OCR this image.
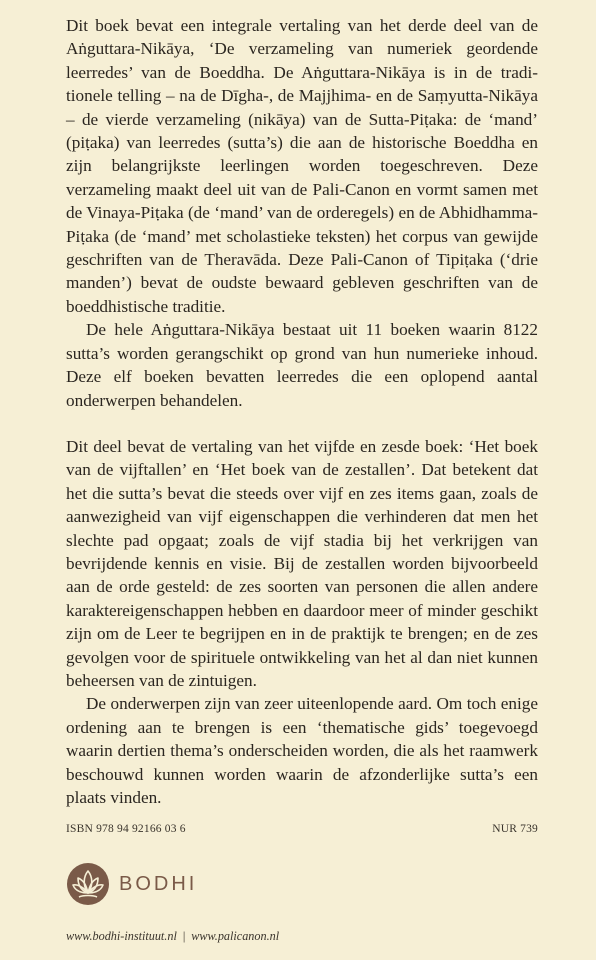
Dit boek bevat een integrale vertaling van het derde deel van de Aṅguttara-Nikāya, ‘De verzameling van numeriek geordende leerredes’ van de Boeddha. De Aṅguttara-Nikāya is in de traditionele telling – na de Dīgha-, de Majjhima- en de Saṃyutta-Nikāya – de vierde verzameling (nikāya) van de Sutta-Piṭaka: de ‘mand’ (piṭaka) van leerredes (sutta’s) die aan de historische Boeddha en zijn belangrijkste leerlingen worden toegeschreven. Deze verzameling maakt deel uit van de Pali-Canon en vormt samen met de Vinaya-Piṭaka (de ‘mand’ van de orderegels) en de Abhidhamma-Piṭaka (de ‘mand’ met scholastieke teksten) het corpus van gewijde geschriften van de Theravāda. Deze Pali-Canon of Tipiṭaka (‘drie manden’) bevat de oudste bewaard gebleven geschriften van de boeddhistische traditie.

De hele Aṅguttara-Nikāya bestaat uit 11 boeken waarin 8122 sutta’s worden gerangschikt op grond van hun numerieke inhoud. Deze elf boeken bevatten leerredes die een oplopend aantal onderwerpen behandelen.

Dit deel bevat de vertaling van het vijfde en zesde boek: ‘Het boek van de vijftallen’ en ‘Het boek van de zestallen’. Dat betekent dat het die sutta’s bevat die steeds over vijf en zes items gaan, zoals de aanwezigheid van vijf eigenschappen die verhinderen dat men het slechte pad opgaat; zoals de vijf stadia bij het verkrijgen van bevrijdende kennis en visie. Bij de zestallen worden bijvoorbeeld aan de orde gesteld: de zes soorten van personen die allen andere karaktereigenschappen hebben en daardoor meer of minder geschikt zijn om de Leer te begrijpen en in de praktijk te brengen; en de zes gevolgen voor de spirituele ontwikkeling van het al dan niet kunnen beheersen van de zintuigen.

De onderwerpen zijn van zeer uiteenlopende aard. Om toch enige ordening aan te brengen is een ‘thematische gids’ toegevoegd waarin dertien thema’s onderscheiden worden, die als het raamwerk beschouwd kunnen worden waarin de afzonderlijke sutta’s een plaats vinden.

ISBN 978 94 92166 03 6	NUR 739
BODHI
www.bodhi-instituut.nl | www.palicanon.nl
